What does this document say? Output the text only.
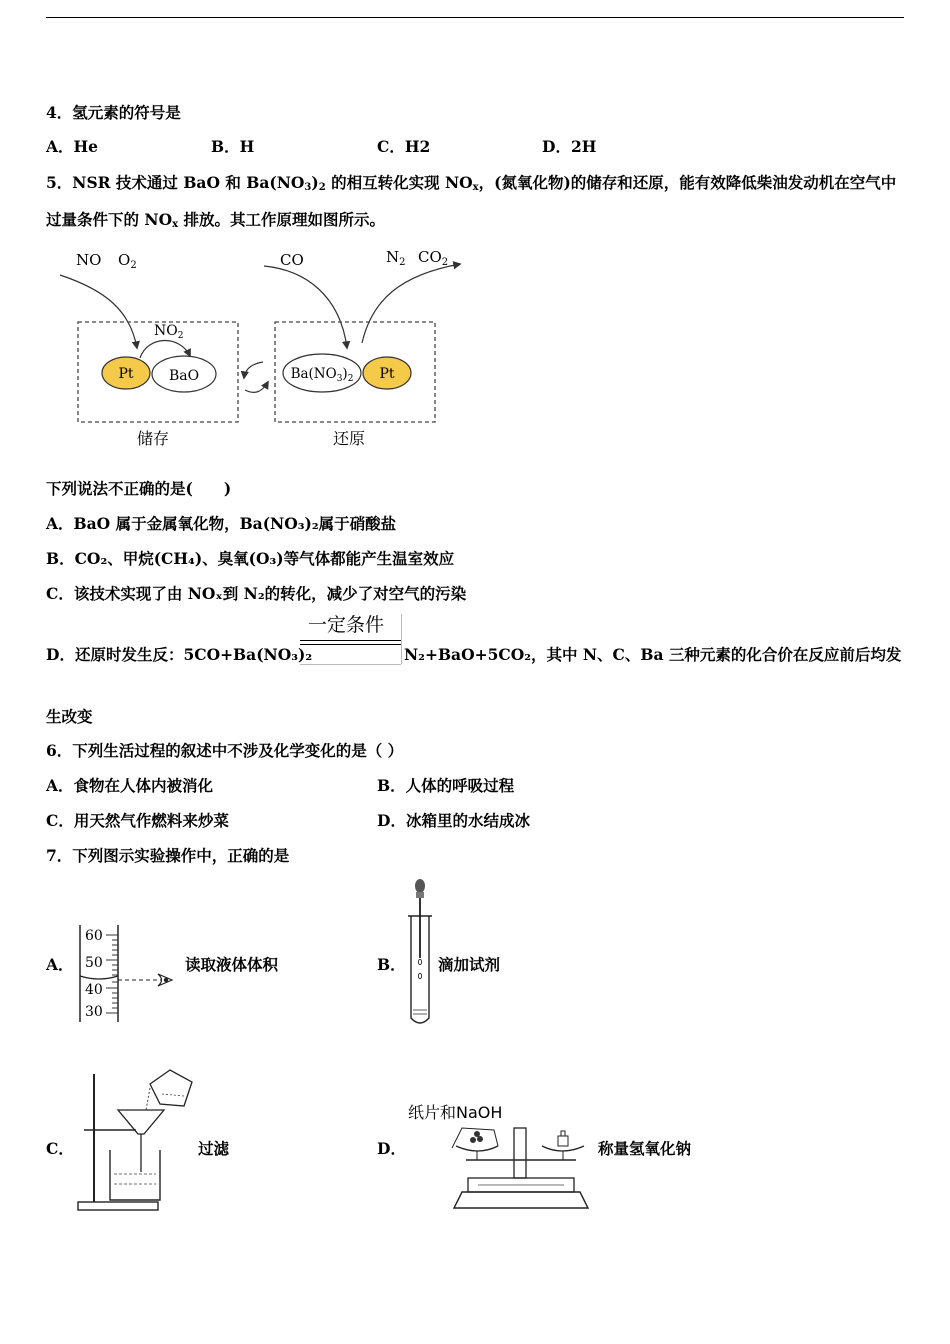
4．氢元素的符号是
A．He	B．H	C．H2	D．2H
5．NSR 技术通过 BaO 和 $Ba(NO_3)_2$ 的相互转化实现 $NO_x$，(氮氧化物)的储存和还原，能有效降低柴油发动机在空气中
过量条件下的 $NO_x$ 排放。其工作原理如图所示。
NO $O_2$
$NO_2$
Pt	BaO
储存
CO	$N_2$ $CO_2$
$Ba(NO_3)_2$ Pt
还原
下列说法不正确的是(　　)
A．BaO 属于金属氧化物，Ba(NO₃)₂属于硝酸盐
B．CO₂、甲烷(CH₄)、臭氧(O₃)等气体都能产生温室效应
C．该技术实现了由 NOₓ到 N₂的转化，减少了对空气的污染
D．还原时发生反：5CO+Ba(NO₃)₂
一定条件
N₂+BaO+5CO₂，其中 N、C、Ba 三种元素的化合价在反应前后均发
生改变
6．下列生活过程的叙述中不涉及化学变化的是（ ）
A．食物在人体内被消化	B．人体的呼吸过程
C．用天然气作燃料来炒菜	D．冰箱里的水结成冰
7．下列图示实验操作中，正确的是
A．
60
50
40
30
读取液体体积	B． 滴加试剂
C．	过滤	D．
纸片和NaOH
称量氢氧化钠
